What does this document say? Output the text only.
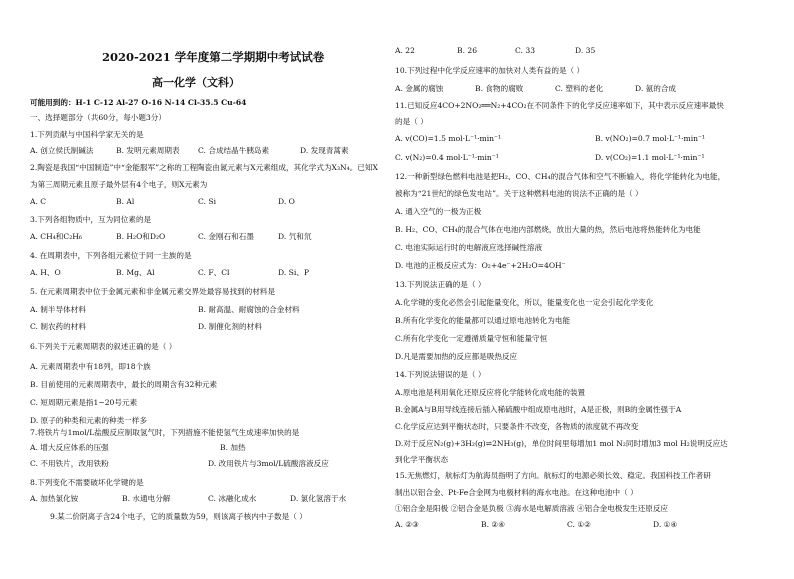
2020-2021 学年度第二学期期中考试试卷
高一化学（文科）
可能用到的：H-1 C-12 Al-27 O-16 N-14 Cl-35.5 Cu-64
一、选择题部分（共60分，每小题3分）
1.下列贡献与中国科学家无关的是
A. 创立侯氏制碱法	B. 发明元素周期表 C. 合成结晶牛胰岛素	D. 发现青蒿素
2.陶瓷是我国“中国制造”中“金能服军”之称的工程陶瓷由氮元素与X元素组成，其化学式为X₃N₄。已知X
为第三周期元素且原子最外层有4个电子，则X元素为
A. C	B. Al	C. Si	D. O
3.下列各组物质中，互为同位素的是
A. CH₄和C₂H₆	B. H₂O和D₂O	C. 金刚石和石墨	D. 氕和氘
4. 在周期表中，下列各组元素位于同一主族的是
A. H、O	B. Mg、Al	C. F、Cl	D. Si、P
5. 在元素周期表中位于金属元素和非金属元素交界处最容易找到的材料是
A. 制半导体材料	B. 耐高温、耐腐蚀的合金材料
C. 制农药的材料	D. 制催化剂的材料
6.下列关于元素周期表的叙述正确的是（ ）
A. 元素周期表中有18列，即18个族
B. 目前使用的元素周期表中，最长的周期含有32种元素
C. 短周期元素是指1~20号元素
D. 原子的种类和元素的种类一样多
7.将铁片与1mol/L盐酸反应制取氢气时，下列措施不能使氢气生成速率加快的是
A. 增大反应体系的压强	B. 加热
C. 不用铁片，改用铁粉	D. 改用铁片与3mol/L硫酸溶液反应
8.下列变化不需要破坏化学键的是
A. 加热氯化铵	B. 水通电分解	C. 冰融化成水	D. 氯化氢溶于水
9.某二价阴离子含24个电子，它的质量数为59，则该离子核内中子数是（ ）
A. 22	B. 26	C. 33	D. 35
10.下列过程中化学反应速率的加快对人类有益的是（ ）
A. 金属的腐蚀	B. 食物的腐败	C. 塑料的老化	D. 氨的合成
11.已知反应4CO+2NO₂══N₂+4CO₂在不同条件下的化学反应速率如下，其中表示反应速率最快
的是（ ）
A. v(CO)=1.5 mol·L⁻¹·min⁻¹	B. v(NO₂)=0.7 mol·L⁻¹·min⁻¹
C. v(N₂)=0.4 mol·L⁻¹·min⁻¹	D. v(CO₂)=1.1 mol·L⁻¹·min⁻¹
12.一种新型绿色燃料电池是把H₂、CO、CH₄的混合气体和空气不断输入，将化学能转化为电能，
被称为“21世纪的绿色发电站”。关于这种燃料电池的说法不正确的是（ ）
A. 通入空气的一极为正极
B. H₂、CO、CH₄的混合气体在电池内部燃烧，放出大量的热，然后电池将热能转化为电能
C. 电池实际运行时的电解液应选择碱性溶液
D. 电池的正极反应式为：O₂+4e⁻+2H₂O=4OH⁻
13.下列说法正确的是（ ）
A.化学键的变化必然会引起能量变化，所以，能量变化也一定会引起化学变化
B.所有化学变化的能量都可以通过原电池转化为电能
C.所有化学变化一定遵循质量守恒和能量守恒
D.凡是需要加热的反应都是吸热反应
14.下列说法错误的是（ ）
A.原电池是利用氧化还原反应将化学能转化成电能的装置
B.金属A与B用导线连接后插入稀硫酸中组成原电池时，A是正极，则B的金属性强于A
C.化学反应达到平衡状态时，只要条件不改变，各物质的浓度就不再改变
D.对于反应N₂(g)+3H₂(g)⇌2NH₃(g)，单位时间里每增加1 mol N₂同时增加3 mol H₂说明反应达
到化学平衡状态
15.无焦燃灯，航标灯为航海员指明了方向。航标灯的电源必须长效、稳定。我国科技工作者研
制出以铝合金、Pt-Fe合金网为电极材料的海水电池。在这种电池中（ ）
①铝合金是阳极 ②铝合金是负极 ③海水是电解质溶液 ④铝合金电极发生还原反应
A. ②③	B. ②④	C. ①②	D. ①④
